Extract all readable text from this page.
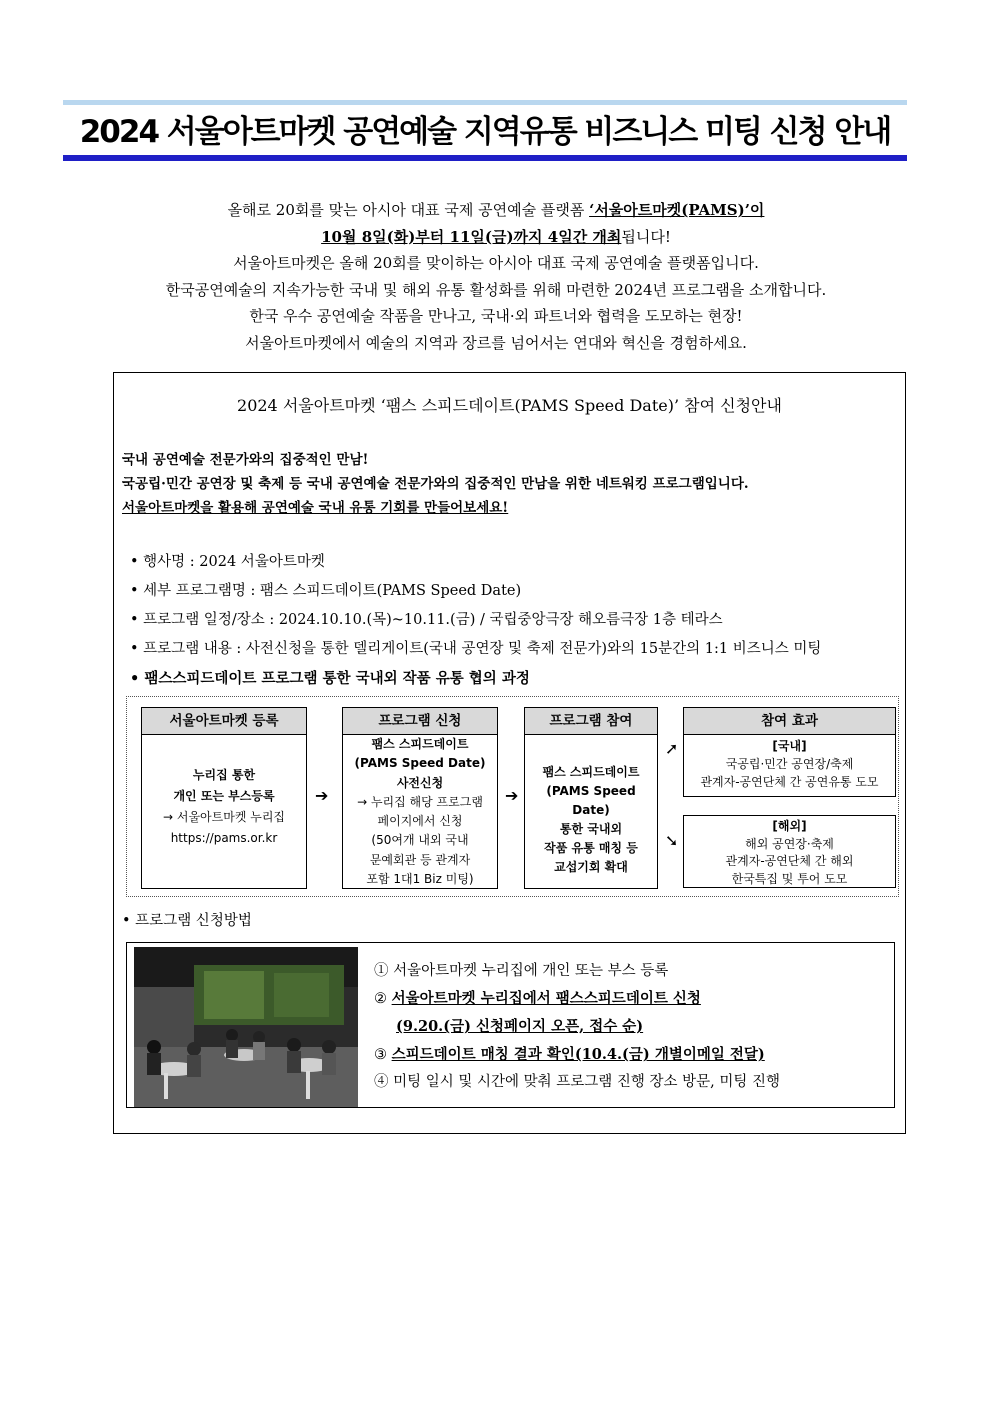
2024 서울아트마켓 공연예술 지역유통 비즈니스 미팅 신청 안내
올해로 20회를 맞는 아시아 대표 국제 공연예술 플랫폼 ‘서울아트마켓(PAMS)’이
10월 8일(화)부터 11일(금)까지 4일간 개최됩니다!
서울아트마켓은 올해 20회를 맞이하는 아시아 대표 국제 공연예술 플랫폼입니다.
한국공연예술의 지속가능한 국내 및 해외 유통 활성화를 위해 마련한 2024년 프로그램을 소개합니다.
한국 우수 공연예술 작품을 만나고, 국내·외 파트너와 협력을 도모하는 현장!
서울아트마켓에서 예술의 지역과 장르를 넘어서는 연대와 혁신을 경험하세요.
2024 서울아트마켓 ‘팸스 스피드데이트(PAMS Speed Date)’ 참여 신청안내
국내 공연예술 전문가와의 집중적인 만남!
국공립·민간 공연장 및 축제 등 국내 공연예술 전문가와의 집중적인 만남을 위한 네트워킹 프로그램입니다.
서울아트마켓을 활용해 공연예술 국내 유통 기회를 만들어보세요!
• 행사명 : 2024 서울아트마켓
• 세부 프로그램명 : 팸스 스피드데이트(PAMS Speed Date)
• 프로그램 일정/장소 : 2024.10.10.(목)~10.11.(금) / 국립중앙극장 해오름극장 1층 테라스
• 프로그램 내용 : 사전신청을 통한 델리게이트(국내 공연장 및 축제 전문가)와의 15분간의 1:1 비즈니스 미팅
• 팸스스피드데이트 프로그램 통한 국내외 작품 유통 협의 과정
서울아트마켓 등록
누리집 통한
개인 또는 부스등록
→ 서울아트마켓 누리집
https://pams.or.kr
➔
프로그램 신청
팸스 스피드데이트
(PAMS Speed Date)
사전신청
→ 누리집 해당 프로그램
페이지에서 신청
(50여개 내외 국내
문예회관 등 관계자
포함 1대1 Biz 미팅)
➔
프로그램 참여
팸스 스피드데이트
(PAMS Speed Date)
통한 국내외
작품 유통 매칭 등
교섭기회 확대
➚
➘
참여 효과
[국내]
국공립·민간 공연장/축제
관계자-공연단체 간 공연유통 도모
[해외]
해외 공연장·축제
관계자-공연단체 간 해외
한국특집 및 투어 도모
• 프로그램 신청방법
① 서울아트마켓 누리집에 개인 또는 부스 등록
② 서울아트마켓 누리집에서 팸스스피드데이트 신청
(9.20.(금) 신청페이지 오픈, 접수 순)
③ 스피드데이트 매칭 결과 확인(10.4.(금) 개별이메일 전달)
④ 미팅 일시 및 시간에 맞춰 프로그램 진행 장소 방문, 미팅 진행
